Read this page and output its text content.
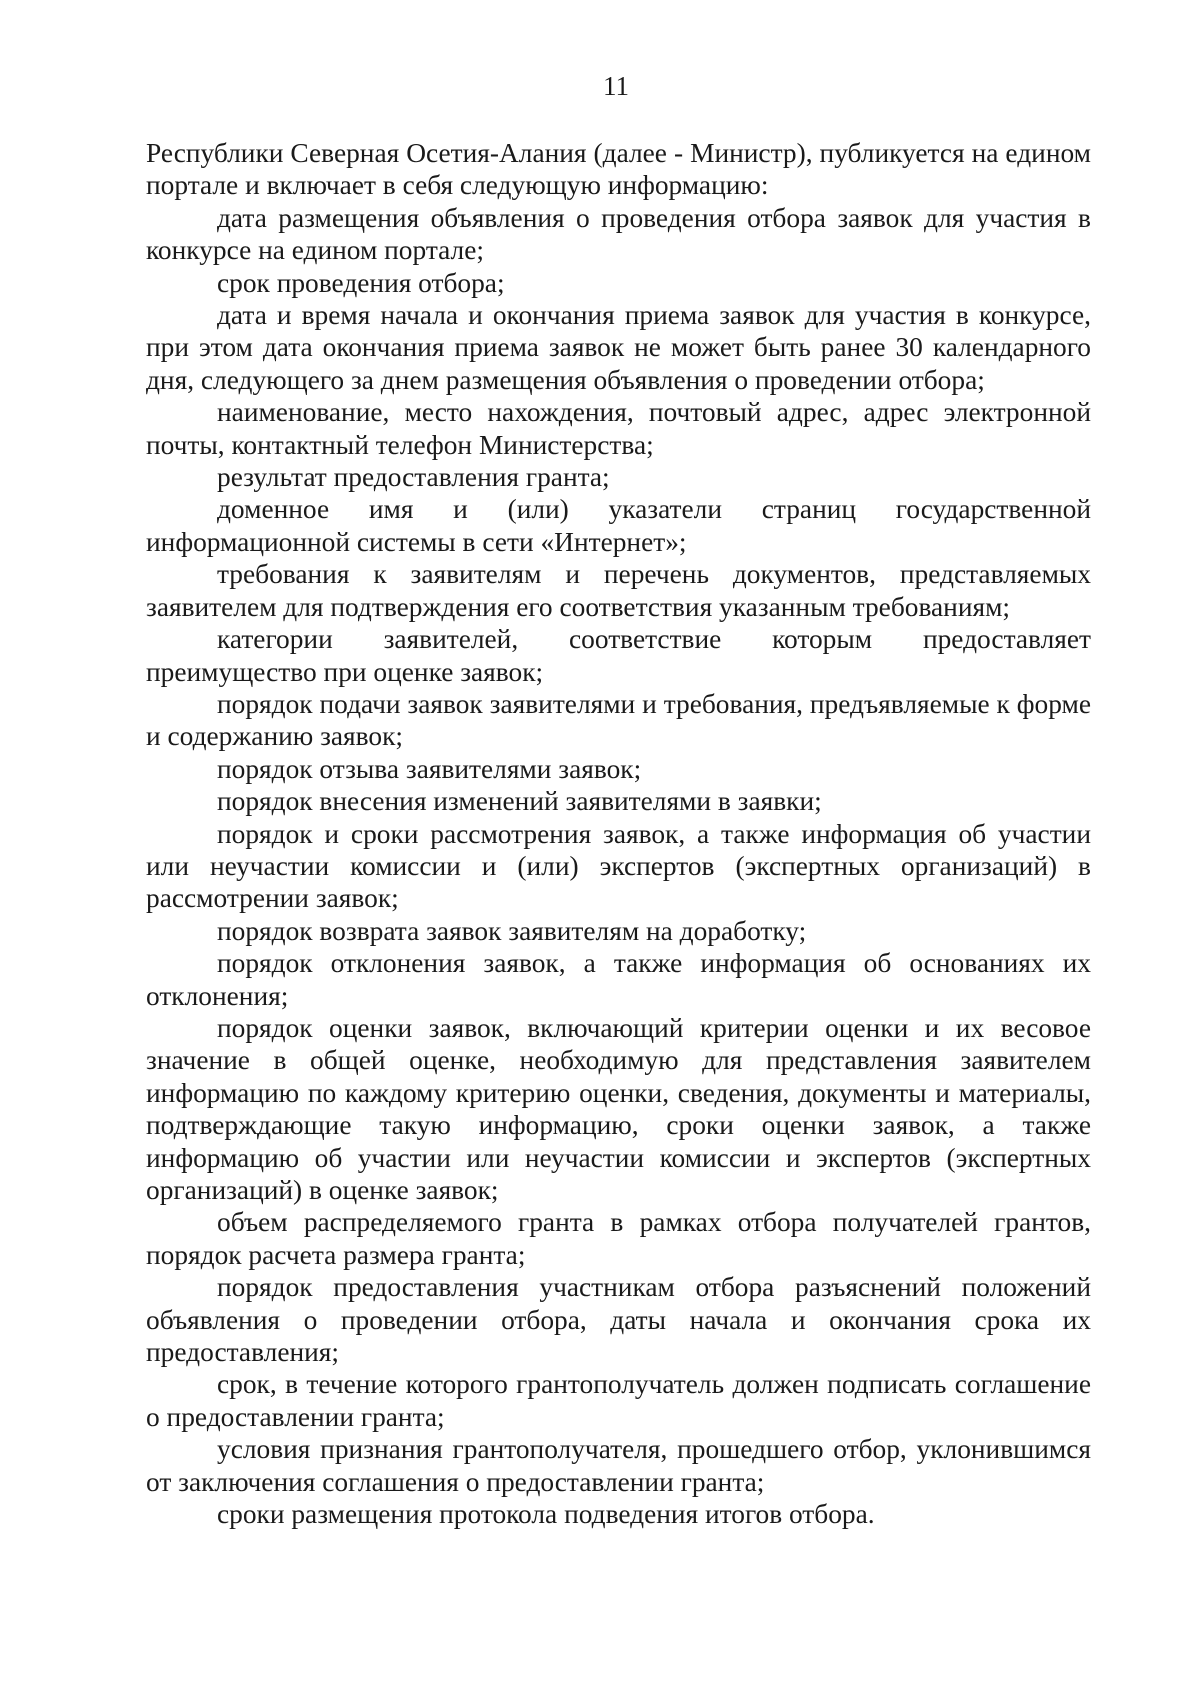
11

Республики Северная Осетия-Алания (далее - Министр), публикуется на едином портале и включает в себя следующую информацию:

дата размещения объявления о проведения отбора заявок для участия в конкурсе на едином портале;

срок проведения отбора;

дата и время начала и окончания приема заявок для участия в конкурсе, при этом дата окончания приема заявок не может быть ранее 30 календарного дня, следующего за днем размещения объявления о проведении отбора;

наименование, место нахождения, почтовый адрес, адрес электронной почты, контактный телефон Министерства;

результат предоставления гранта;

доменное имя и (или) указатели страниц государственной информационной системы в сети «Интернет»;

требования к заявителям и перечень документов, представляемых заявителем для подтверждения его соответствия указанным требованиям;

категории заявителей, соответствие которым предоставляет преимущество при оценке заявок;

порядок подачи заявок заявителями и требования, предъявляемые к форме и содержанию заявок;

порядок отзыва заявителями заявок;

порядок внесения изменений заявителями в заявки;

порядок и сроки рассмотрения заявок, а также информация об участии или неучастии комиссии и (или) экспертов (экспертных организаций) в рассмотрении заявок;

порядок возврата заявок заявителям на доработку;

порядок отклонения заявок, а также информация об основаниях их отклонения;

порядок оценки заявок, включающий критерии оценки и их весовое значение в общей оценке, необходимую для представления заявителем информацию по каждому критерию оценки, сведения, документы и материалы, подтверждающие такую информацию, сроки оценки заявок, а также информацию об участии или неучастии комиссии и экспертов (экспертных организаций) в оценке заявок;

объем распределяемого гранта в рамках отбора получателей грантов, порядок расчета размера гранта;

порядок предоставления участникам отбора разъяснений положений объявления о проведении отбора, даты начала и окончания срока их предоставления;

срок, в течение которого грантополучатель должен подписать соглашение о предоставлении гранта;

условия признания грантополучателя, прошедшего отбор, уклонившимся от заключения соглашения о предоставлении гранта;

сроки размещения протокола подведения итогов отбора.
